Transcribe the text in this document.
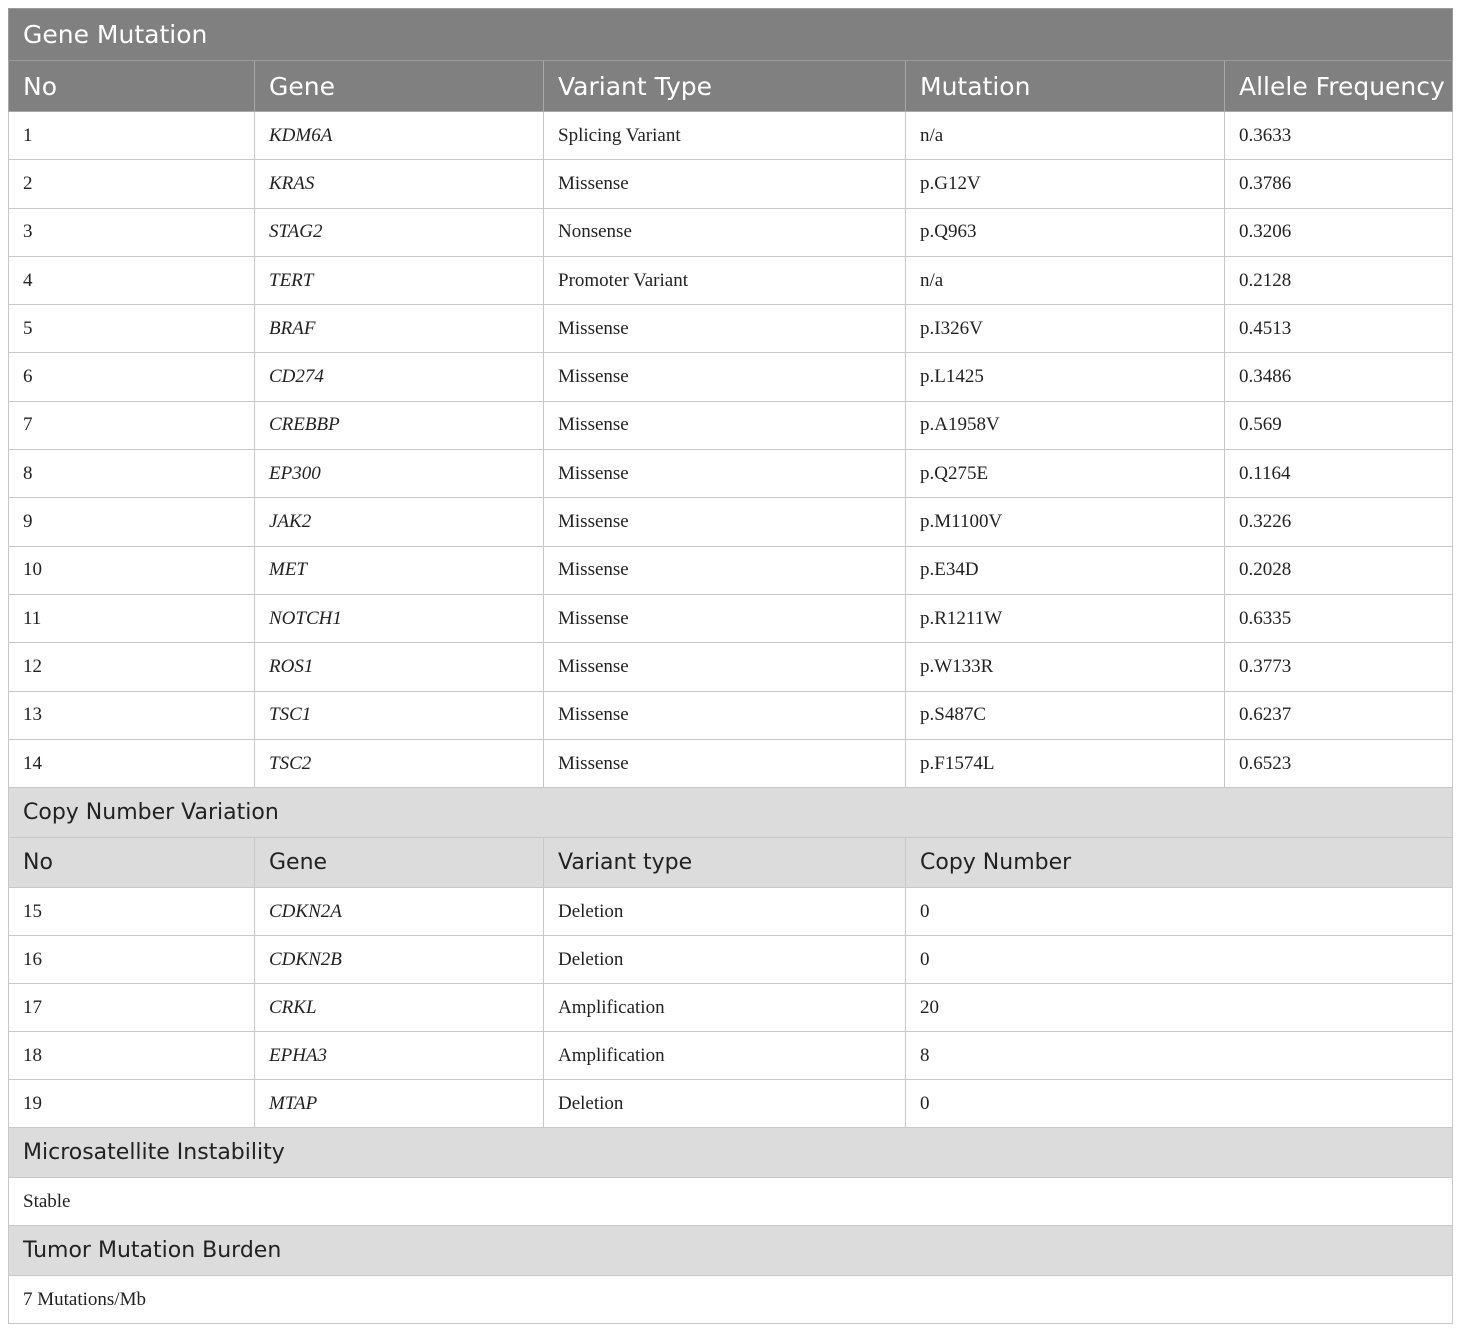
Gene Mutation				
No	Gene	Variant Type	Mutation	Allele Frequency
1	KDM6A	Splicing Variant	n/a	0.3633
2	KRAS	Missense	p.G12V	0.3786
3	STAG2	Nonsense	p.Q963	0.3206
4	TERT	Promoter Variant	n/a	0.2128
5	BRAF	Missense	p.I326V	0.4513
6	CD274	Missense	p.L1425	0.3486
7	CREBBP	Missense	p.A1958V	0.569
8	EP300	Missense	p.Q275E	0.1164
9	JAK2	Missense	p.M1100V	0.3226
10	MET	Missense	p.E34D	0.2028
11	NOTCH1	Missense	p.R1211W	0.6335
12	ROS1	Missense	p.W133R	0.3773
13	TSC1	Missense	p.S487C	0.6237
14	TSC2	Missense	p.F1574L	0.6523
Copy Number Variation				
No	Gene	Variant type	Copy Number	
15	CDKN2A	Deletion	0	
16	CDKN2B	Deletion	0	
17	CRKL	Amplification	20	
18	EPHA3	Amplification	8	
19	MTAP	Deletion	0	
Microsatellite Instability				
Stable				
Tumor Mutation Burden				
7 Mutations/Mb				
